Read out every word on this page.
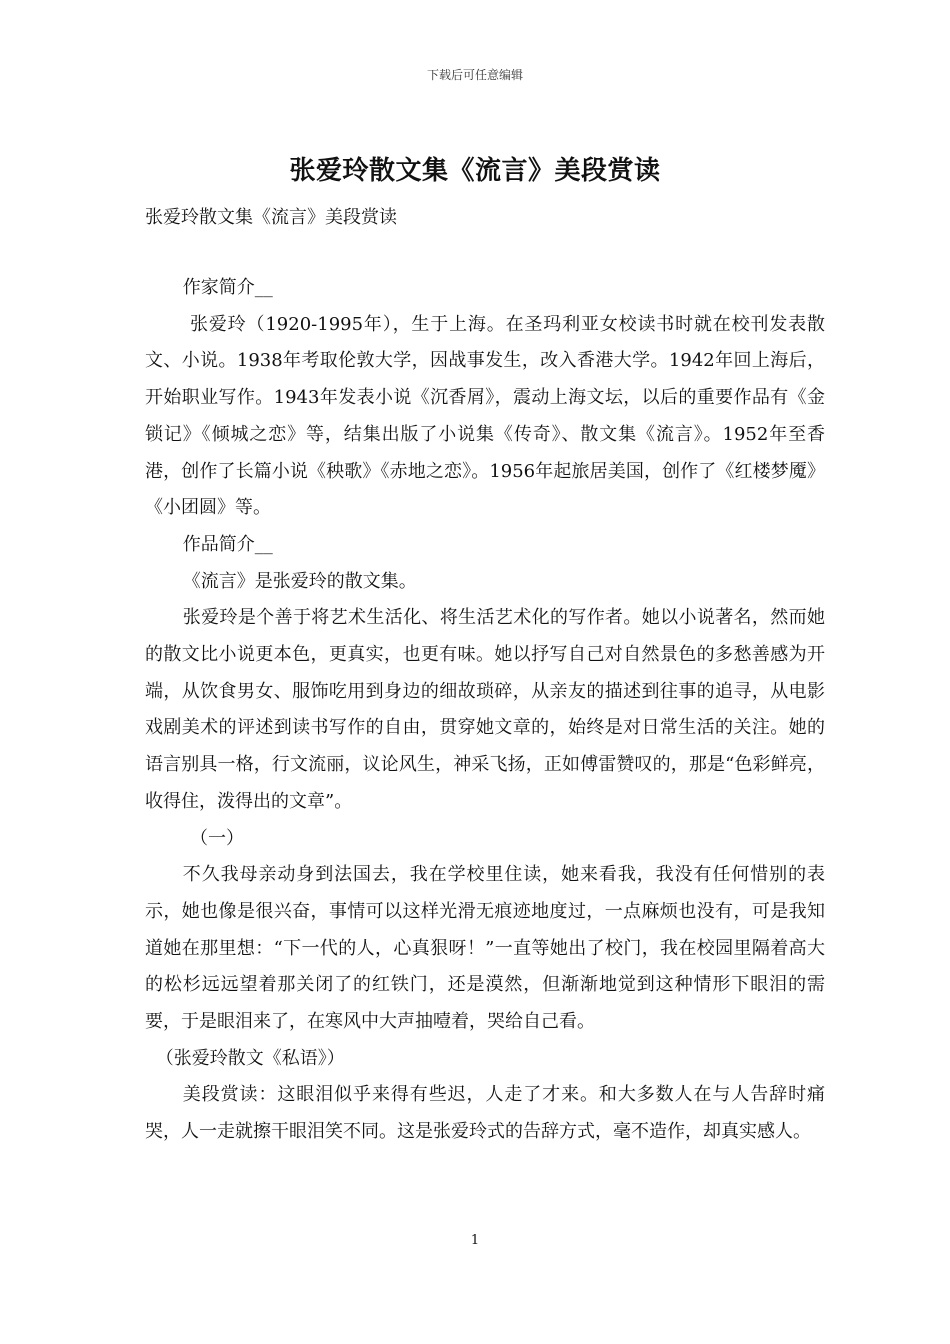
下载后可任意编辑
张爱玲散文集《流言》美段赏读
张爱玲散文集《流言》美段赏读

作家简介__

张爱玲（1920-1995年），生于上海。在圣玛利亚女校读书时就在校刊发表散文、小说。1938年考取伦敦大学，因战事发生，改入香港大学。1942年回上海后，开始职业写作。1943年发表小说《沉香屑》，震动上海文坛，以后的重要作品有《金锁记》《倾城之恋》等，结集出版了小说集《传奇》、散文集《流言》。1952年至香港，创作了长篇小说《秧歌》《赤地之恋》。1956年起旅居美国，创作了《红楼梦魇》《小团圆》等。

作品简介__

《流言》是张爱玲的散文集。

张爱玲是个善于将艺术生活化、将生活艺术化的写作者。她以小说著名，然而她的散文比小说更本色，更真实，也更有味。她以抒写自己对自然景色的多愁善感为开端，从饮食男女、服饰吃用到身边的细故琐碎，从亲友的描述到往事的追寻，从电影戏剧美术的评述到读书写作的自由，贯穿她文章的，始终是对日常生活的关注。她的语言别具一格，行文流丽，议论风生，神采飞扬，正如傅雷赞叹的，那是“色彩鲜亮，收得住，泼得出的文章”。

（一）

不久我母亲动身到法国去，我在学校里住读，她来看我，我没有任何惜别的表示，她也像是很兴奋，事情可以这样光滑无痕迹地度过，一点麻烦也没有，可是我知道她在那里想：“下一代的人，心真狠呀！”一直等她出了校门，我在校园里隔着高大的松杉远远望着那关闭了的红铁门，还是漠然，但渐渐地觉到这种情形下眼泪的需要，于是眼泪来了，在寒风中大声抽噎着，哭给自己看。

（张爱玲散文《私语》）

美段赏读：这眼泪似乎来得有些迟，人走了才来。和大多数人在与人告辞时痛哭，人一走就擦干眼泪笑不同。这是张爱玲式的告辞方式，毫不造作，却真实感人。

1
